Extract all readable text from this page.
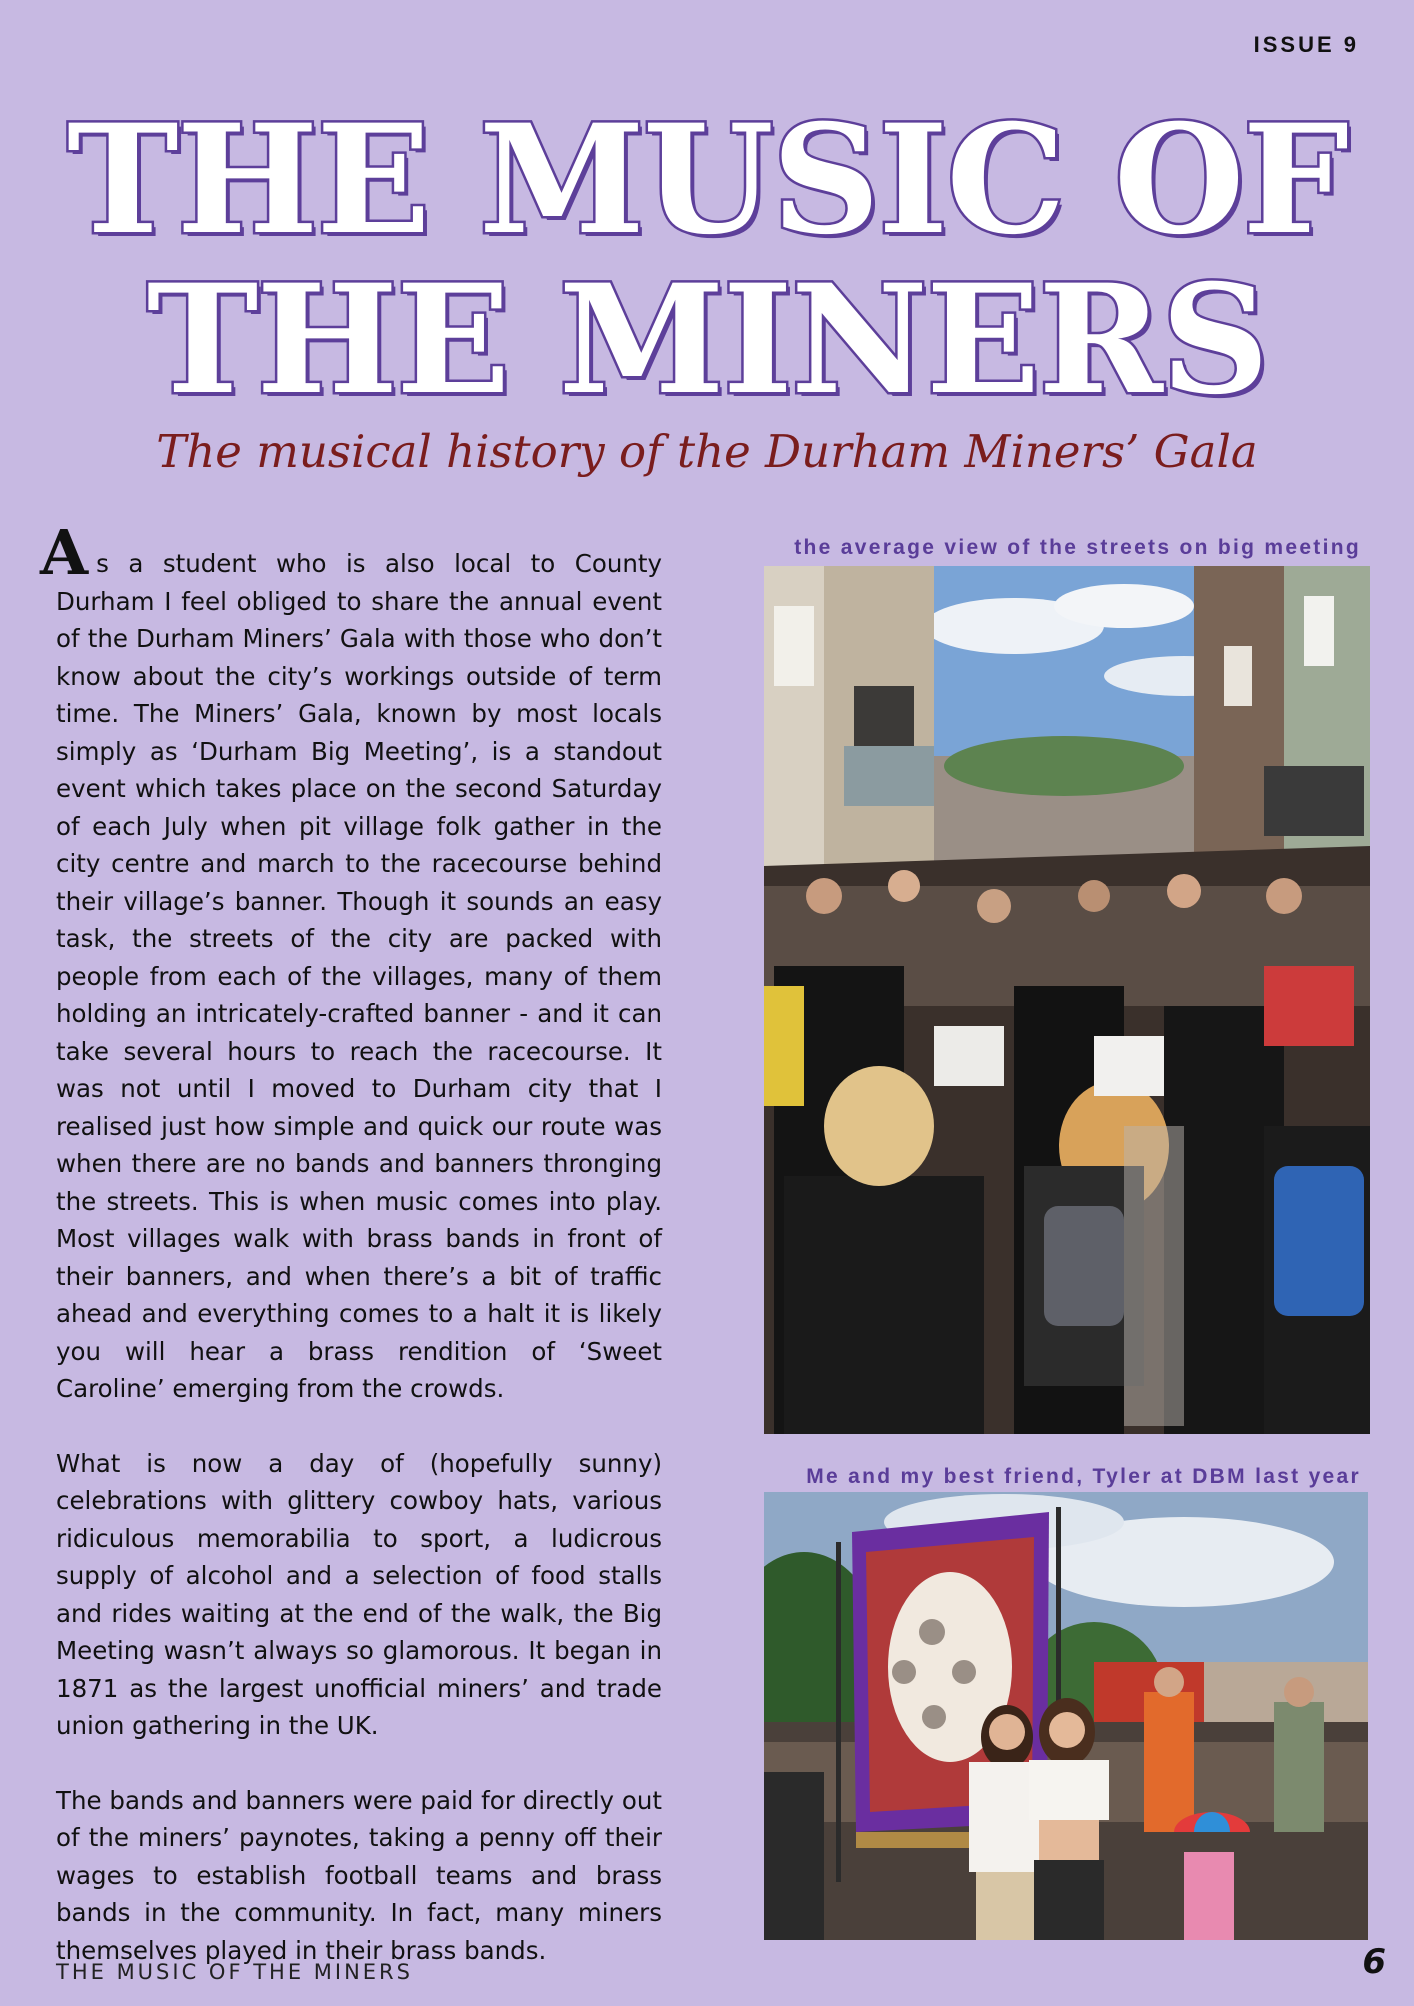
ISSUE 9
THE MUSIC OF
THE MINERS
The musical history of the Durham Miners’ Gala

As a student who is also local to County Durham I feel obliged to share the annual event of the Durham Miners’ Gala with those who don’t know about the city’s workings outside of term time. The Miners’ Gala, known by most locals simply as ‘Durham Big Meeting’, is a standout event which takes place on the second Saturday of each July when pit village folk gather in the city centre and march to the racecourse behind their village’s banner. Though it sounds an easy task, the streets of the city are packed with people from each of the villages, many of them holding an intricately-crafted banner - and it can take several hours to reach the racecourse. It was not until I moved to Durham city that I realised just how simple and quick our route was when there are no bands and banners thronging the streets. This is when music comes into play. Most villages walk with brass bands in front of their banners, and when there’s a bit of traffic ahead and everything comes to a halt it is likely you will hear a brass rendition of ‘Sweet Caroline’ emerging from the crowds.

What is now a day of (hopefully sunny) celebrations with glittery cowboy hats, various ridiculous memorabilia to sport, a ludicrous supply of alcohol and a selection of food stalls and rides waiting at the end of the walk, the Big Meeting wasn’t always so glamorous. It began in 1871 as the largest unofficial miners’ and trade union gathering in the UK.

The bands and banners were paid for directly out of the miners’ paynotes, taking a penny off their wages to establish football teams and brass bands in the community. In fact, many miners themselves played in their brass bands.

the average view of the streets on big meeting
Me and my best friend, Tyler at DBM last year
THE MUSIC OF THE MINERS	6
